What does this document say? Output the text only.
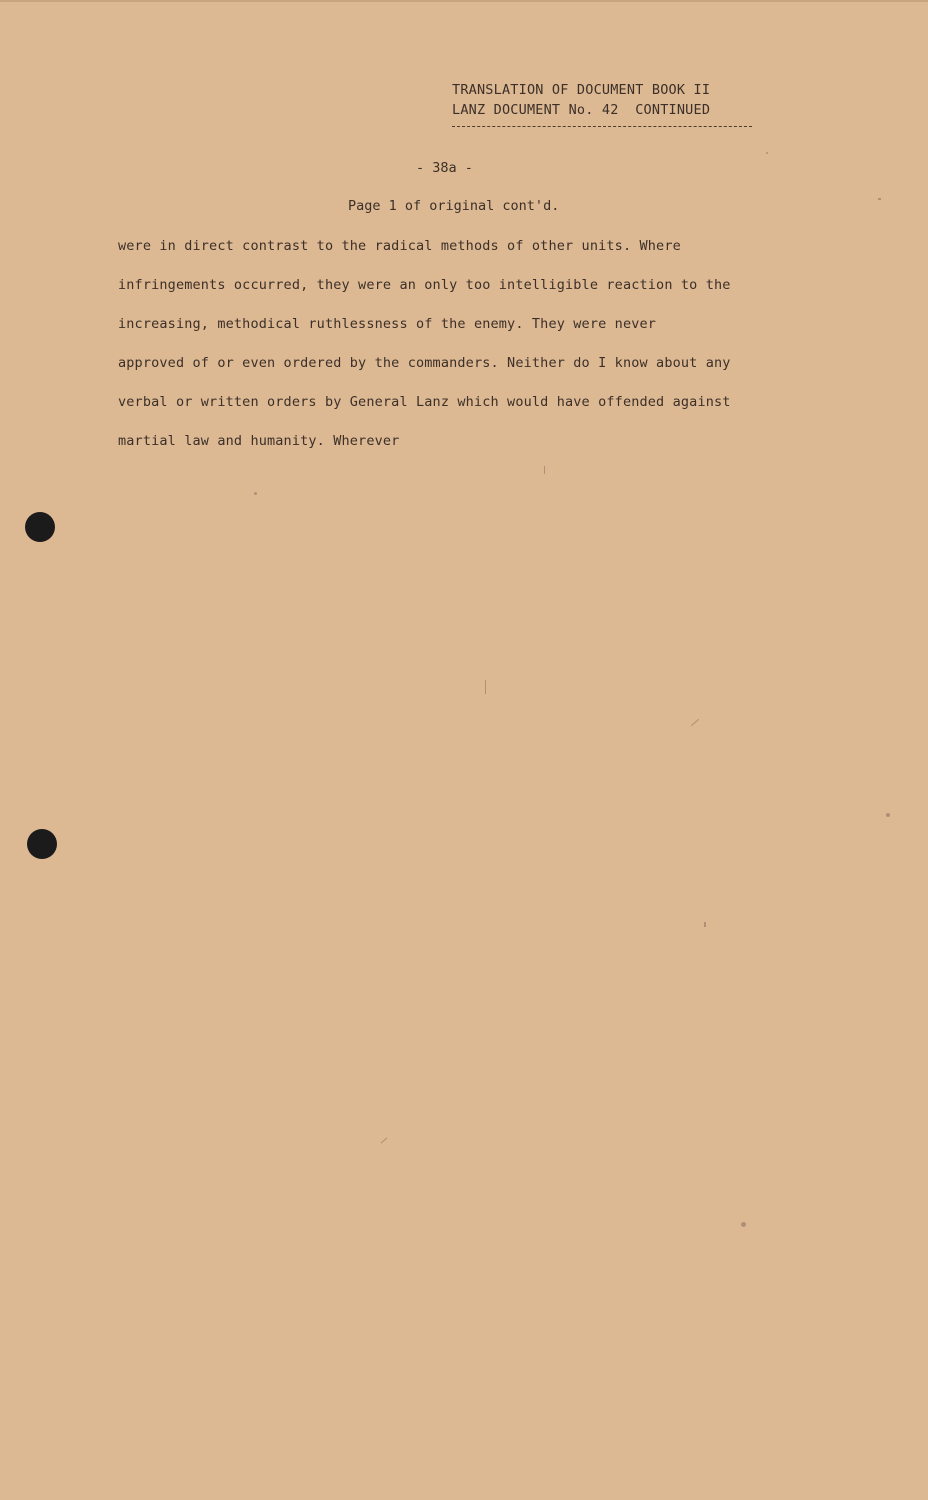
TRANSLATION OF DOCUMENT BOOK II

LANZ DOCUMENT No. 42  CONTINUED

- 38a -

Page 1 of original cont'd.

were in direct contrast to the radical methods of other units. Where

infringements occurred, they were an only too intelligible reaction to the

increasing, methodical ruthlessness of the enemy. They were never

approved of or even ordered by the commanders. Neither do I know about any

verbal or written orders by General Lanz which would have offended against

martial law and humanity. Wherever
